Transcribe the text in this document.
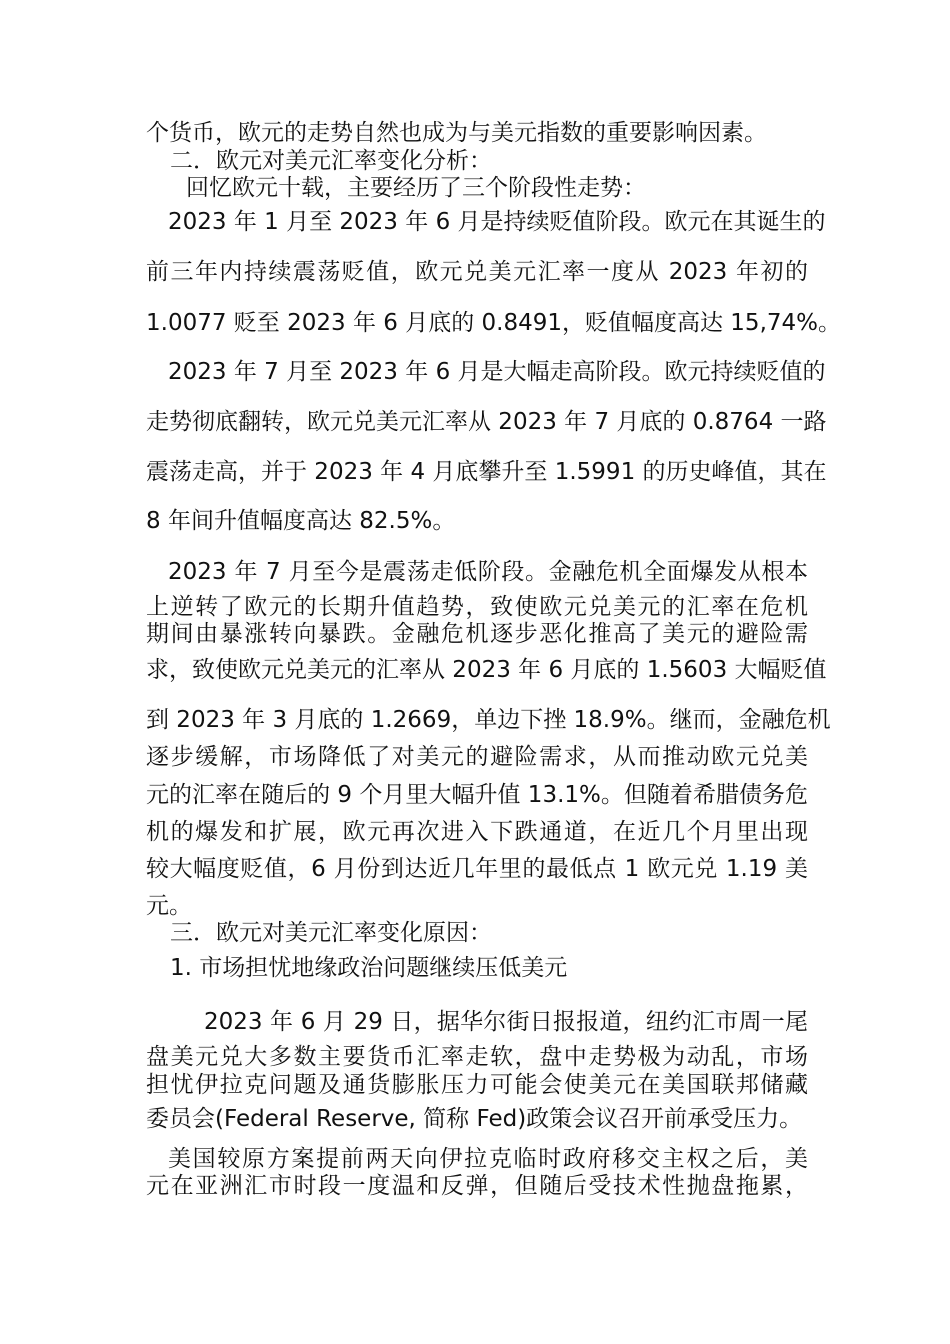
个货币，欧元的走势自然也成为与美元指数的重要影响因素。
二．欧元对美元汇率变化分析：
回忆欧元十载，主要经历了三个阶段性走势：
2023 年 1 月至 2023 年 6 月是持续贬值阶段。欧元在其诞生的
前三年内持续震荡贬值，欧元兑美元汇率一度从 2023 年初的
1.0077 贬至 2023 年 6 月底的 0.8491，贬值幅度高达 15,74%。
2023 年 7 月至 2023 年 6 月是大幅走高阶段。欧元持续贬值的
走势彻底翻转，欧元兑美元汇率从 2023 年 7 月底的 0.8764 一路
震荡走高，并于 2023 年 4 月底攀升至 1.5991 的历史峰值，其在
8 年间升值幅度高达 82.5%。
2023 年 7 月至今是震荡走低阶段。金融危机全面爆发从根本
上逆转了欧元的长期升值趋势，致使欧元兑美元的汇率在危机
期间由暴涨转向暴跌。金融危机逐步恶化推高了美元的避险需
求，致使欧元兑美元的汇率从 2023 年 6 月底的 1.5603 大幅贬值
到 2023 年 3 月底的 1.2669，单边下挫 18.9%。继而，金融危机
逐步缓解，市场降低了对美元的避险需求，从而推动欧元兑美
元的汇率在随后的 9 个月里大幅升值 13.1%。但随着希腊债务危
机的爆发和扩展，欧元再次进入下跌通道，在近几个月里出现
较大幅度贬值，6 月份到达近几年里的最低点 1 欧元兑 1.19 美
元。
三．欧元对美元汇率变化原因：
1. 市场担忧地缘政治问题继续压低美元
2023 年 6 月 29 日，据华尔街日报报道，纽约汇市周一尾
盘美元兑大多数主要货币汇率走软，盘中走势极为动乱，市场
担忧伊拉克问题及通货膨胀压力可能会使美元在美国联邦储藏
委员会(Federal Reserve, 简称 Fed)政策会议召开前承受压力。
美国较原方案提前两天向伊拉克临时政府移交主权之后，美
元在亚洲汇市时段一度温和反弹，但随后受技术性抛盘拖累，
